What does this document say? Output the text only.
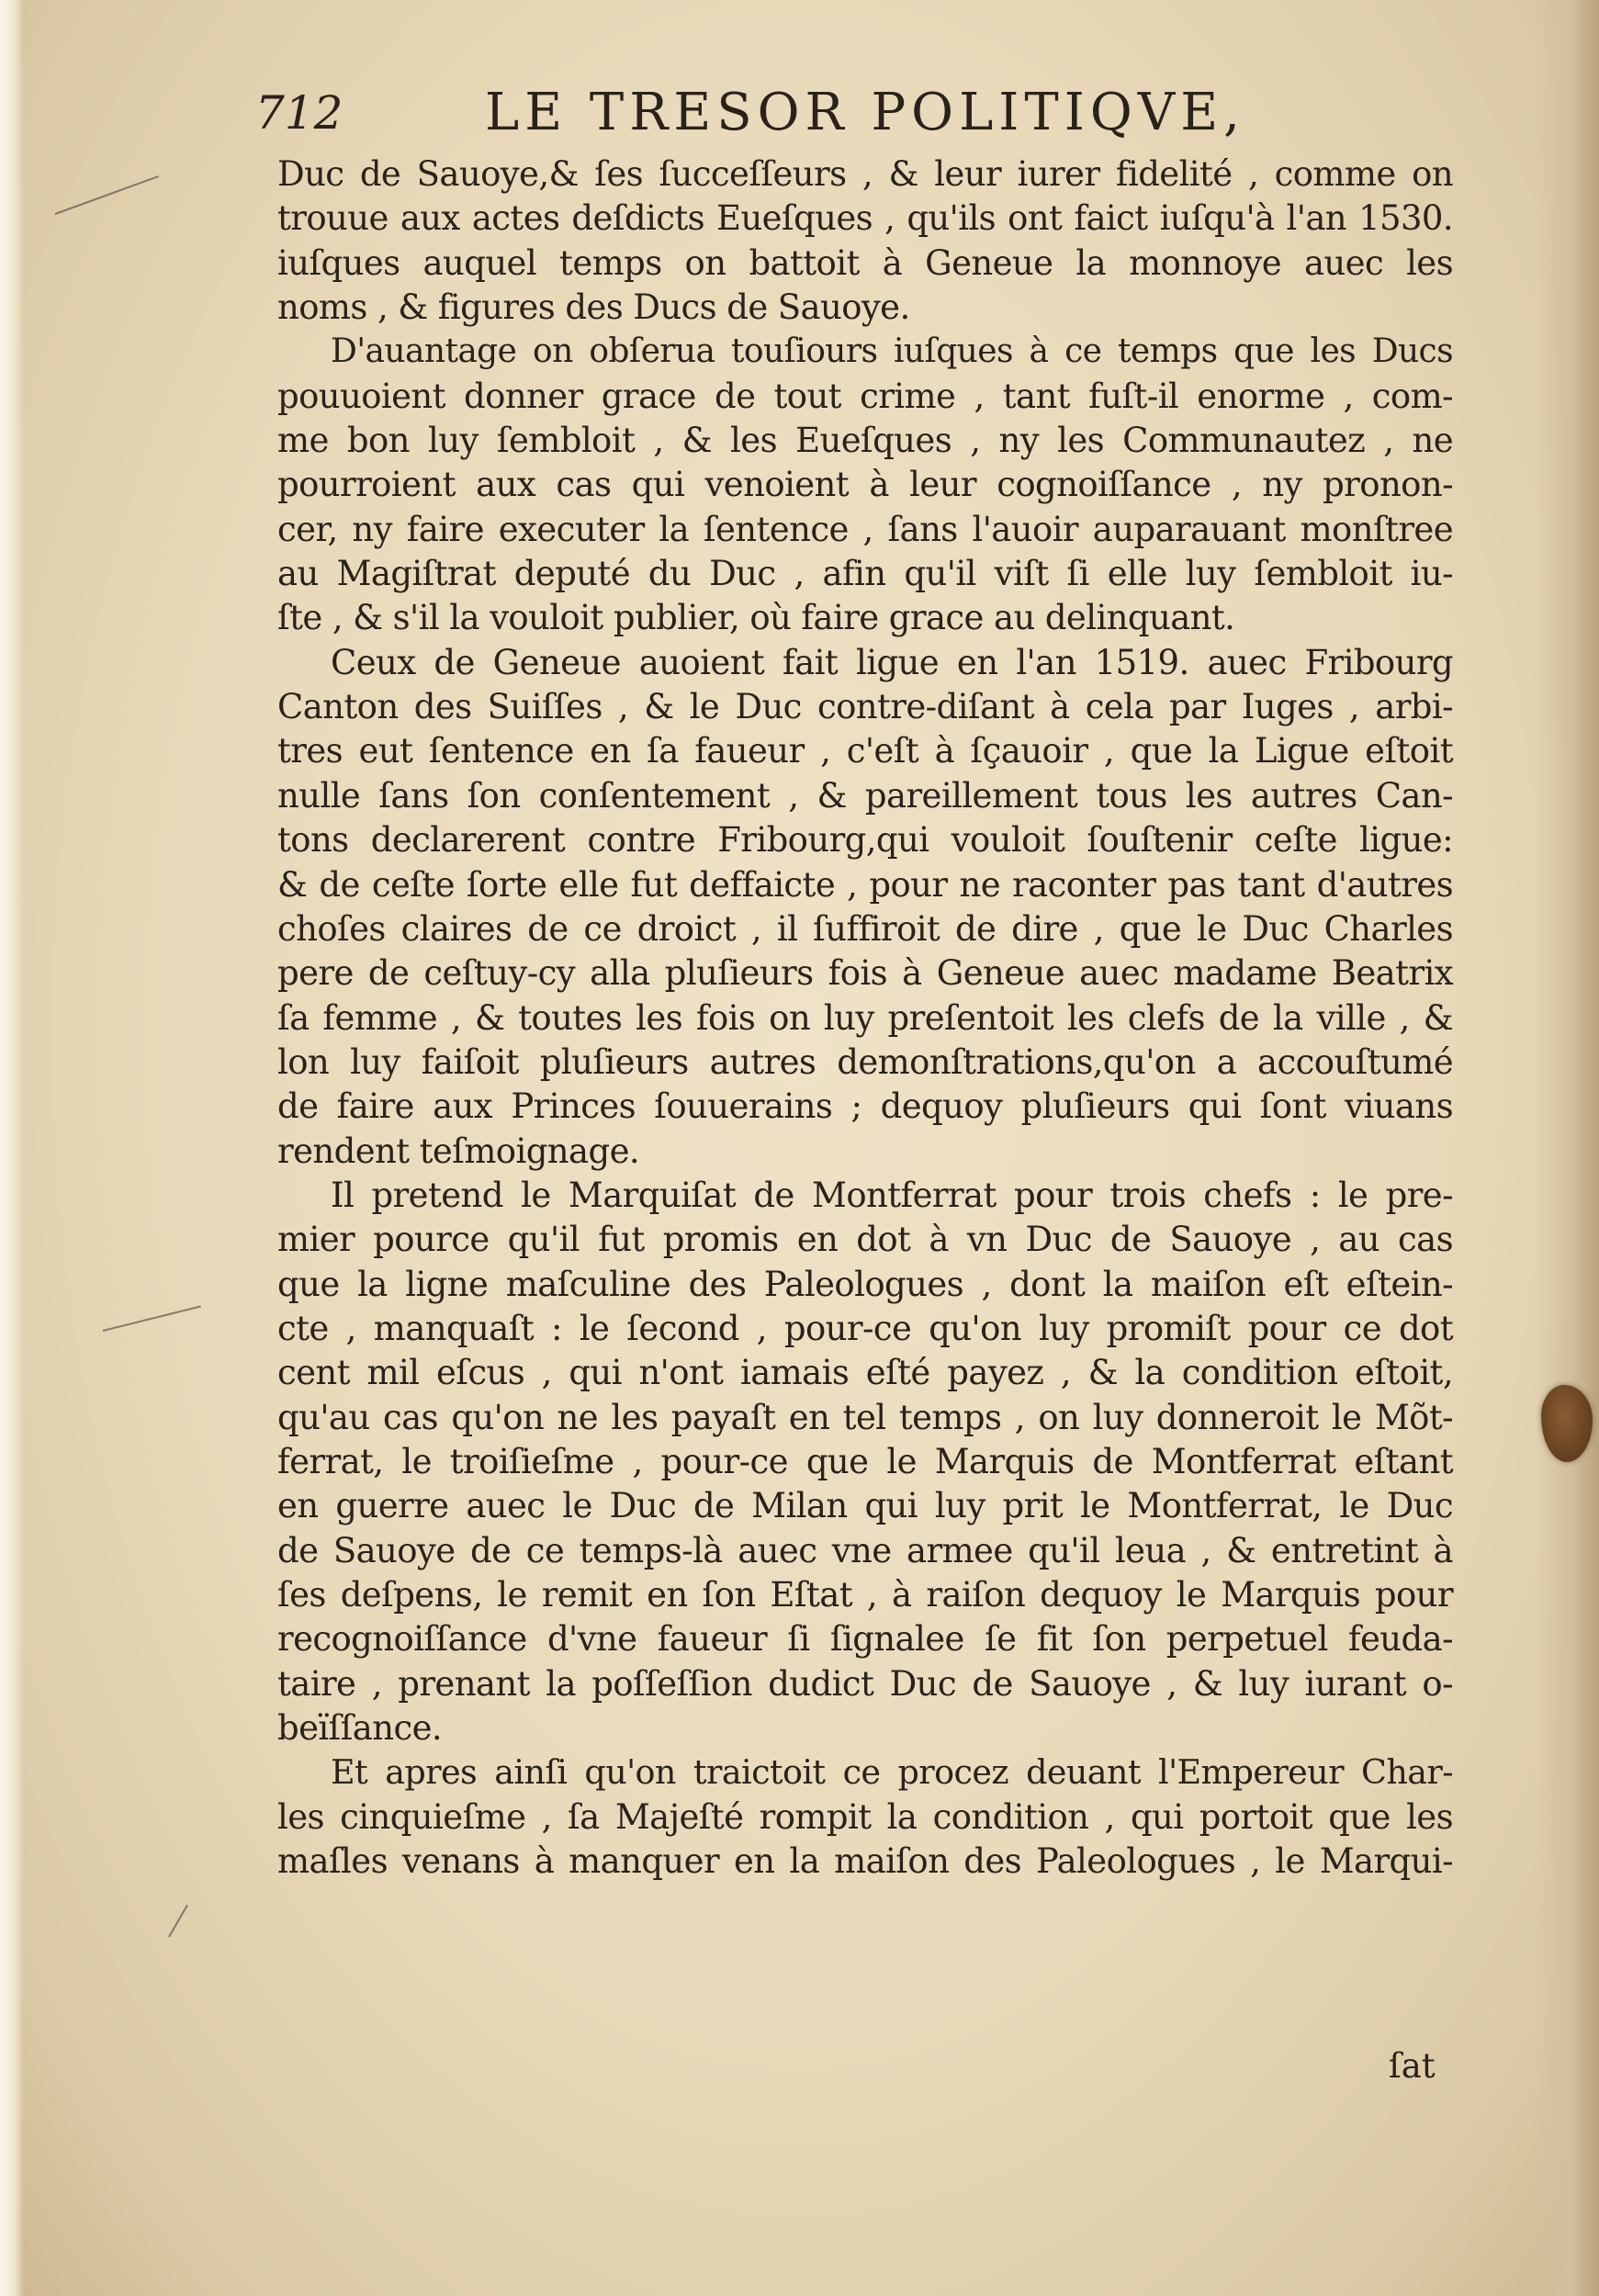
712	LE TRESOR POLITIQVE,
Duc de Sauoye,& ſes ſucceſſeurs , & leur iurer fidelité , comme on
trouue aux actes deſdicts Eueſques , qu'ils ont faict iuſqu'à l'an 1530.
iuſques auquel temps on battoit à Geneue la monnoye auec les
noms , & figures des Ducs de Sauoye.
D'auantage on obſerua touſiours iuſques à ce temps que les Ducs
pouuoient donner grace de tout crime , tant fuſt-il enorme , com-
me bon luy ſembloit , & les Eueſques , ny les Communautez , ne
pourroient aux cas qui venoient à leur cognoiſſance , ny pronon-
cer, ny faire executer la ſentence , ſans l'auoir auparauant monſtree
au Magiſtrat deputé du Duc , afin qu'il viſt ſi elle luy ſembloit iu-
ſte , & s'il la vouloit publier, où faire grace au delinquant.
Ceux de Geneue auoient fait ligue en l'an 1519. auec Fribourg
Canton des Suiſſes , & le Duc contre-diſant à cela par Iuges , arbi-
tres eut ſentence en ſa faueur , c'eſt à ſçauoir , que la Ligue eſtoit
nulle ſans ſon conſentement , & pareillement tous les autres Can-
tons declarerent contre Fribourg,qui vouloit ſouſtenir ceſte ligue:
& de ceſte ſorte elle fut deffaicte , pour ne raconter pas tant d'autres
choſes claires de ce droict , il ſuffiroit de dire , que le Duc Charles
pere de ceſtuy-cy alla pluſieurs fois à Geneue auec madame Beatrix
ſa femme , & toutes les fois on luy preſentoit les clefs de la ville , &
lon luy faiſoit pluſieurs autres demonſtrations,qu'on a accouſtumé
de faire aux Princes ſouuerains ; dequoy pluſieurs qui ſont viuans
rendent teſmoignage.
Il pretend le Marquiſat de Montferrat pour trois chefs : le pre-
mier pource qu'il fut promis en dot à vn Duc de Sauoye , au cas
que la ligne maſculine des Paleologues , dont la maiſon eſt eſtein-
cte , manquaſt : le ſecond , pour-ce qu'on luy promiſt pour ce dot
cent mil eſcus , qui n'ont iamais eſté payez , & la condition eſtoit,
qu'au cas qu'on ne les payaſt en tel temps , on luy donneroit le Mõt-
ferrat, le troiſieſme , pour-ce que le Marquis de Montferrat eſtant
en guerre auec le Duc de Milan qui luy prit le Montferrat, le Duc
de Sauoye de ce temps-là auec vne armee qu'il leua , & entretint à
ſes deſpens, le remit en ſon Eſtat , à raiſon dequoy le Marquis pour
recognoiſſance d'vne faueur ſi ſignalee ſe fit ſon perpetuel feuda-
taire , prenant la poſſeſſion dudict Duc de Sauoye , & luy iurant o-
beïſſance.
Et apres ainſi qu'on traictoit ce procez deuant l'Empereur Char-
les cinquieſme , ſa Majeſté rompit la condition , qui portoit que les
maſles venans à manquer en la maiſon des Paleologues , le Marqui-
ſat
